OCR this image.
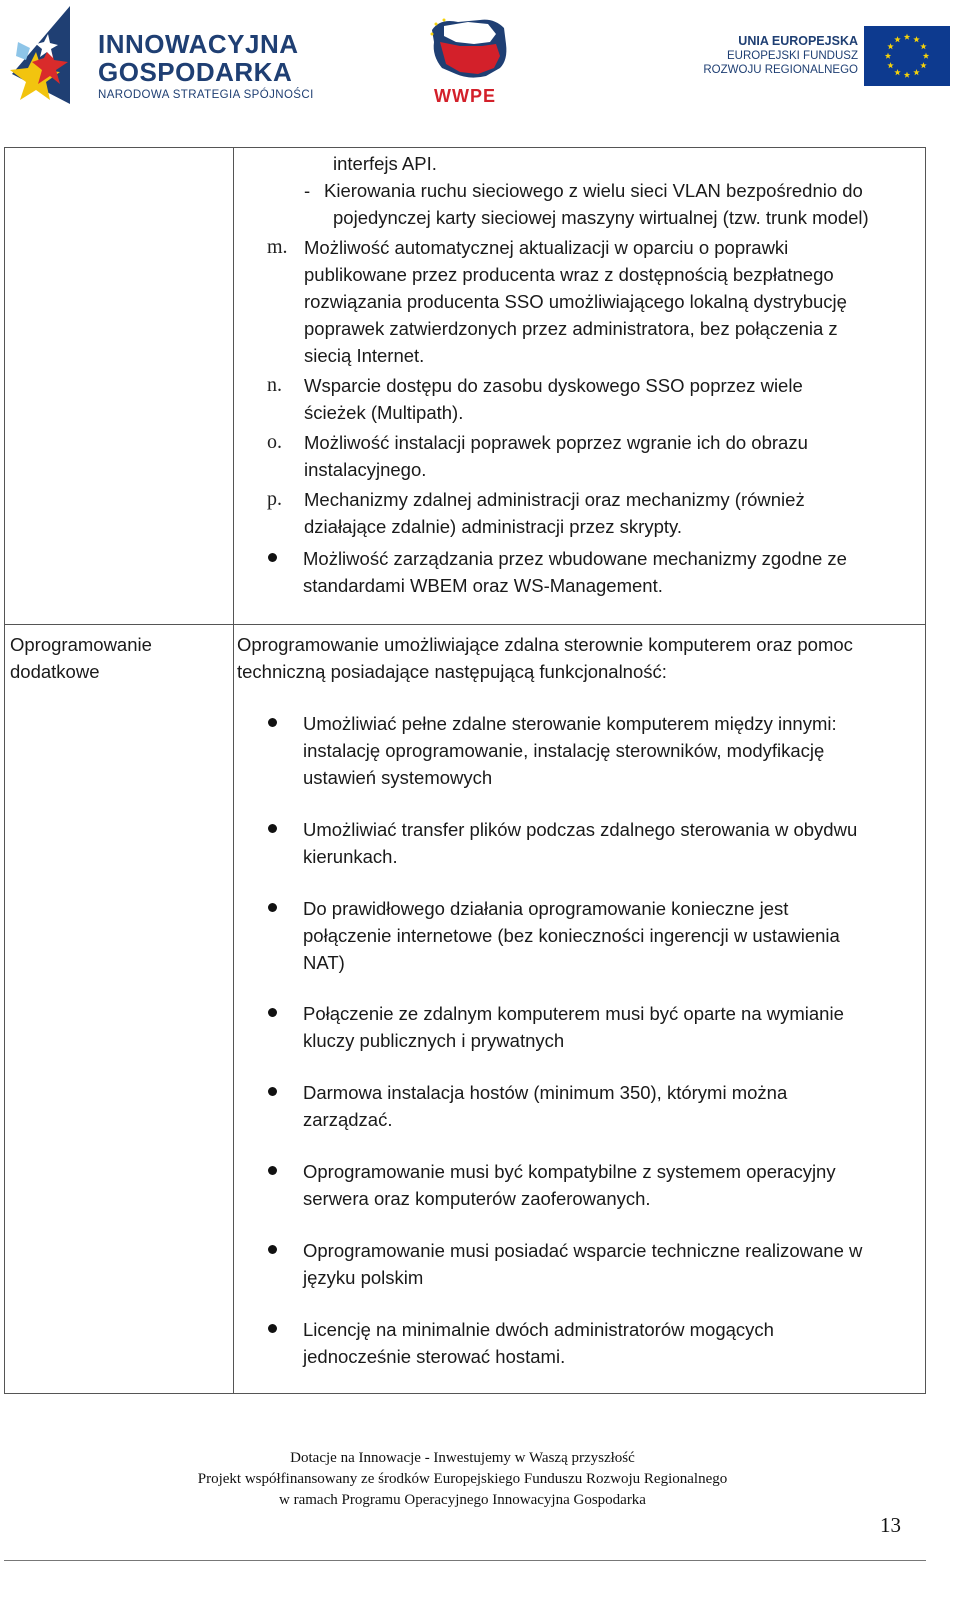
INNOWACYJNA
GOSPODARKA
NARODOWA STRATEGIA SPÓJNOŚCI	WWPE
UNIA EUROPEJSKA
EUROPEJSKI FUNDUSZ
ROZWOJU REGIONALNEGO
interfejs API.
- Kierowania ruchu sieciowego z wielu sieci VLAN bezpośrednio do
pojedynczej karty sieciowej maszyny wirtualnej (tzw. trunk model)
m. Możliwość automatycznej aktualizacji w oparciu o poprawki
publikowane przez producenta wraz z dostępnością bezpłatnego
rozwiązania producenta SSO umożliwiającego lokalną dystrybucję
poprawek zatwierdzonych przez administratora, bez połączenia z
siecią Internet.
n. Wsparcie dostępu do zasobu dyskowego SSO poprzez wiele
ścieżek (Multipath).
o. Możliwość instalacji poprawek poprzez wgranie ich do obrazu
instalacyjnego.
p. Mechanizmy zdalnej administracji oraz mechanizmy (również
działające zdalnie) administracji przez skrypty.
Możliwość zarządzania przez wbudowane mechanizmy zgodne ze
standardami WBEM oraz WS-Management.
Oprogramowanie
dodatkowe
Oprogramowanie umożliwiające zdalna sterownie komputerem oraz pomoc
techniczną posiadające następującą funkcjonalność:
Umożliwiać pełne zdalne sterowanie komputerem między innymi:
instalację oprogramowanie, instalację sterowników, modyfikację
ustawień systemowych
Umożliwiać transfer plików podczas zdalnego sterowania w obydwu
kierunkach.
Do prawidłowego działania oprogramowanie konieczne jest
połączenie internetowe (bez konieczności ingerencji w ustawienia
NAT)
Połączenie ze zdalnym komputerem musi być oparte na wymianie
kluczy publicznych i prywatnych
Darmowa instalacja hostów (minimum 350), którymi można
zarządzać.
Oprogramowanie musi być kompatybilne z systemem operacyjny
serwera oraz komputerów zaoferowanych.
Oprogramowanie musi posiadać wsparcie techniczne realizowane w
języku polskim
Licencję na minimalnie dwóch administratorów mogących
jednocześnie sterować hostami.
Dotacje na Innowacje - Inwestujemy w Waszą przyszłość
Projekt współfinansowany ze środków Europejskiego Funduszu Rozwoju Regionalnego
w ramach Programu Operacyjnego Innowacyjna Gospodarka
13
